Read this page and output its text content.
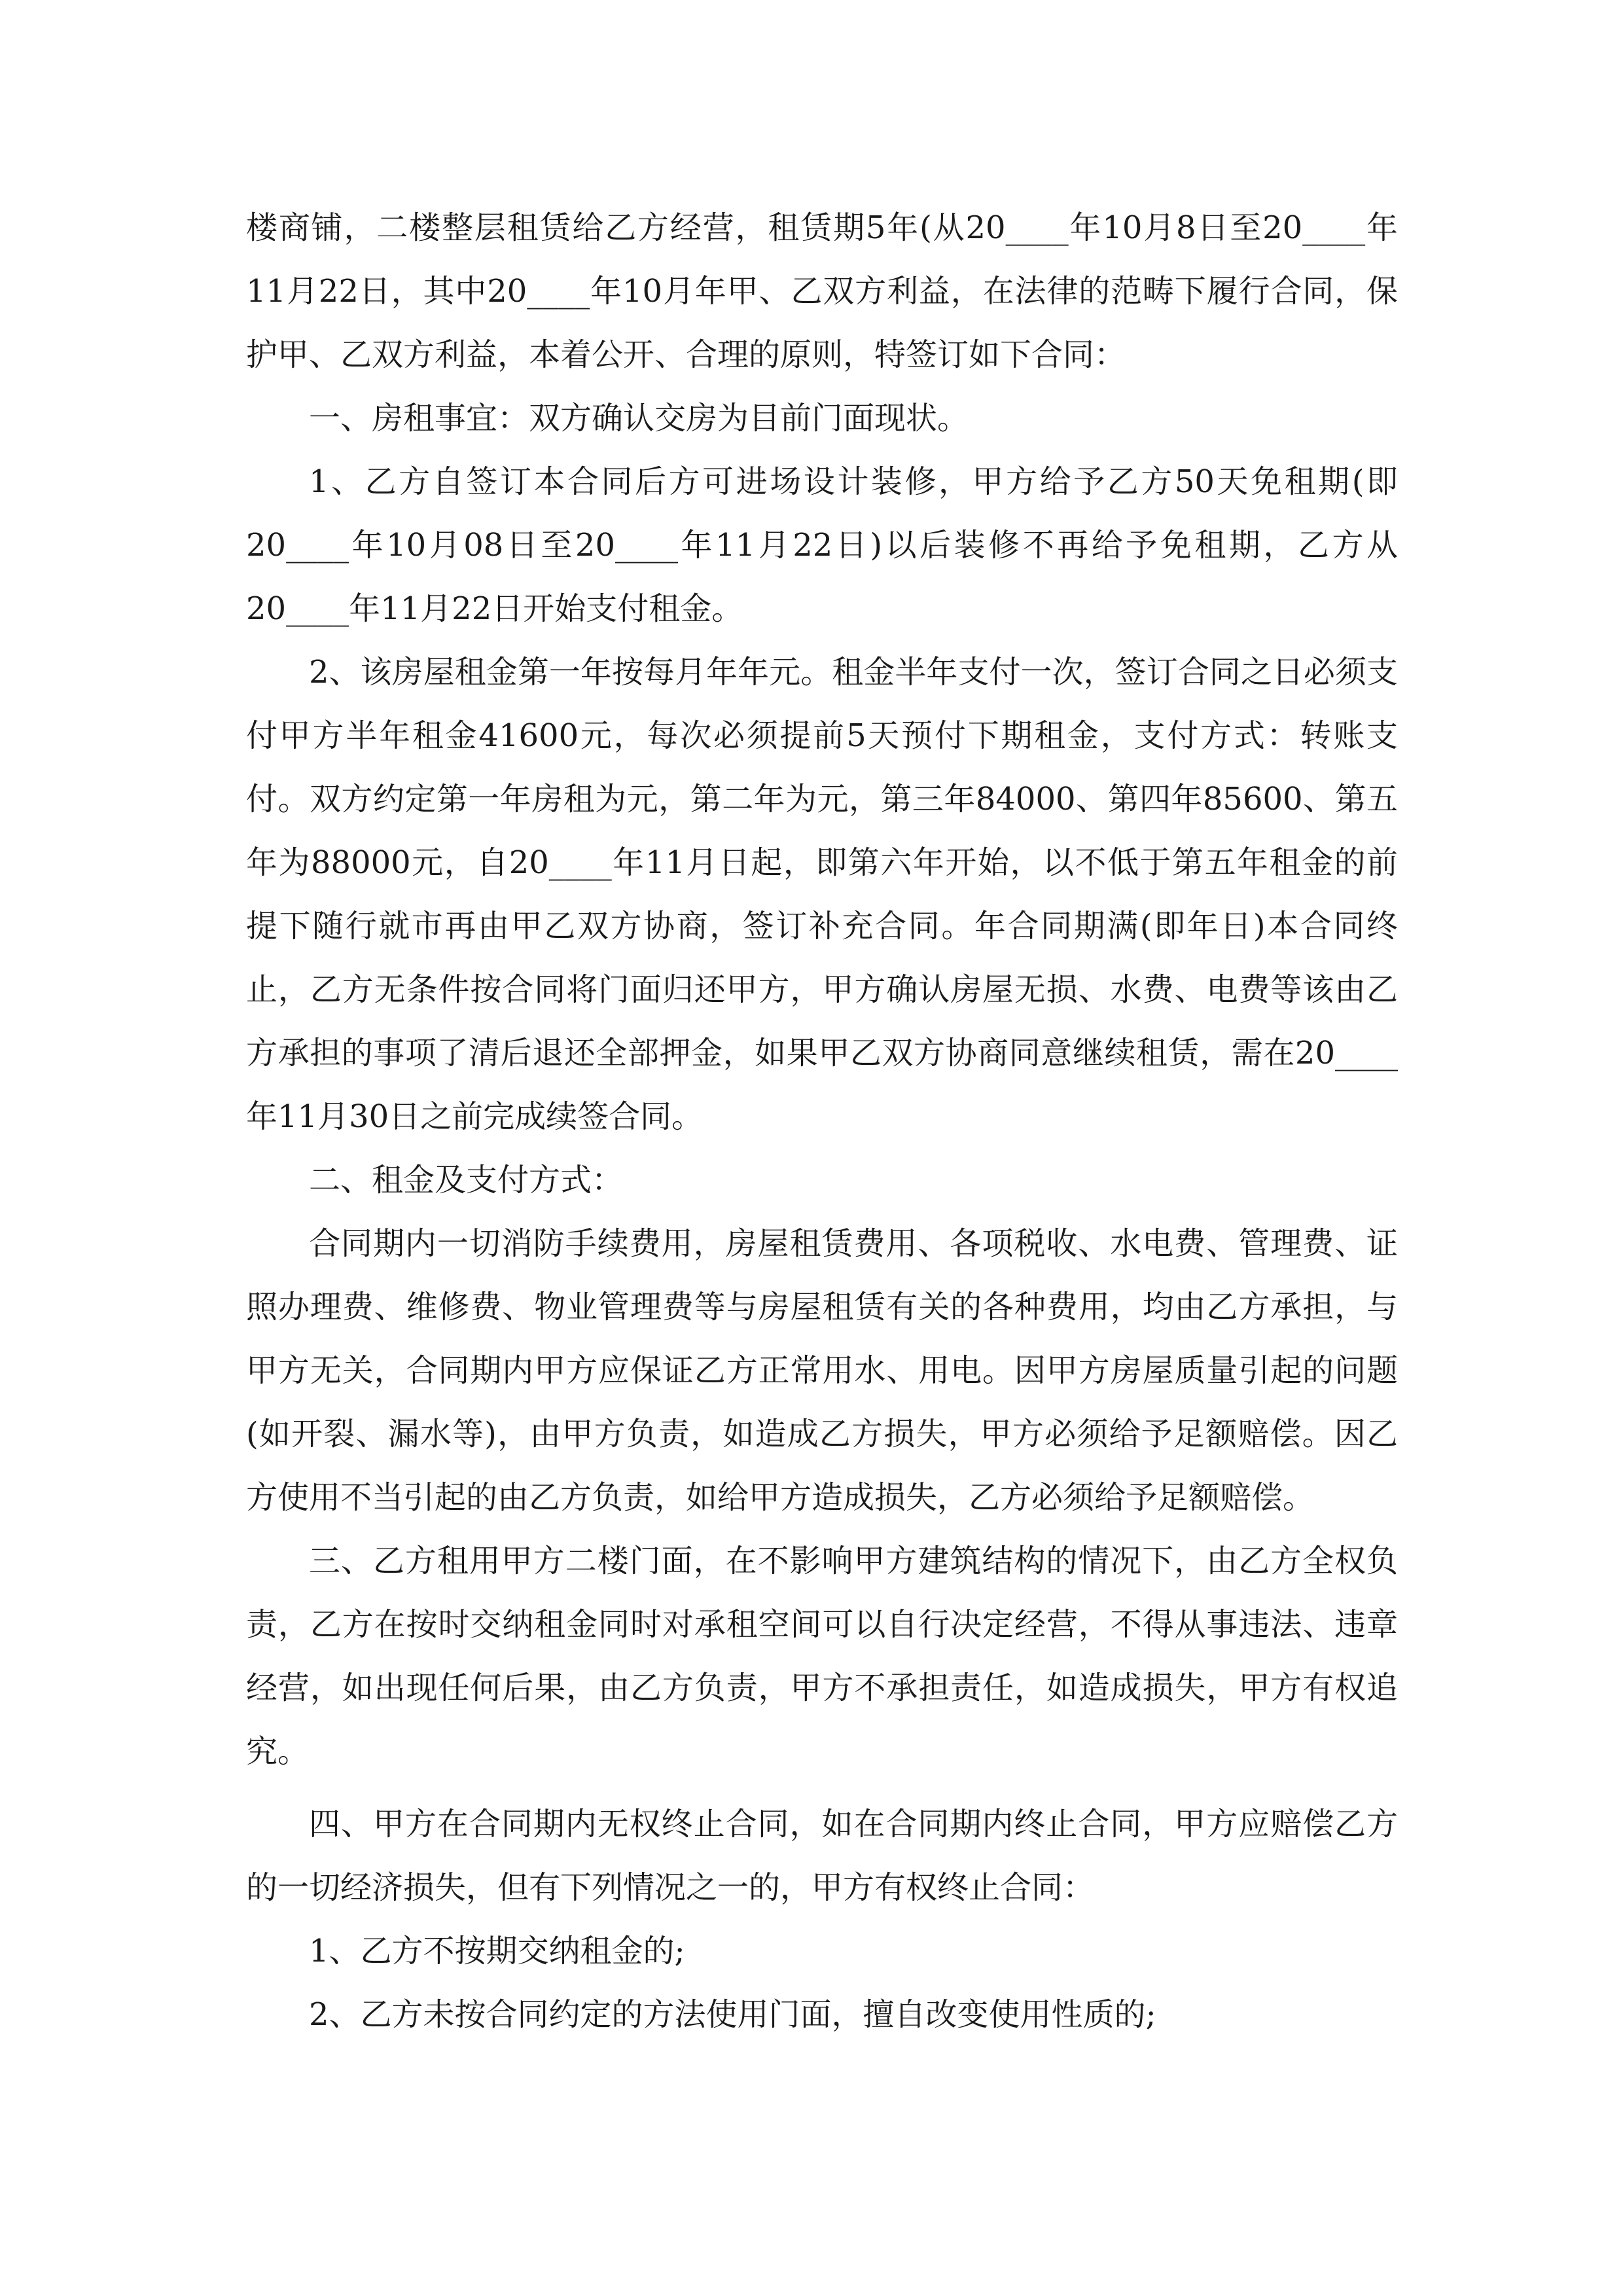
楼商铺，二楼整层租赁给乙方经营，租赁期5年(从20____年10月8日至20____年11月22日，其中20____年10月年甲、乙双方利益，在法律的范畴下履行合同，保护甲、乙双方利益，本着公开、合理的原则，特签订如下合同：

一、房租事宜：双方确认交房为目前门面现状。

1、乙方自签订本合同后方可进场设计装修，甲方给予乙方50天免租期(即20____年10月08日至20____年11月22日)以后装修不再给予免租期，乙方从20____年11月22日开始支付租金。

2、该房屋租金第一年按每月年年元。租金半年支付一次，签订合同之日必须支付甲方半年租金41600元，每次必须提前5天预付下期租金，支付方式：转账支付。双方约定第一年房租为元，第二年为元，第三年84000、第四年85600、第五年为88000元，自20____年11月日起，即第六年开始，以不低于第五年租金的前提下随行就市再由甲乙双方协商，签订补充合同。年合同期满(即年日)本合同终止，乙方无条件按合同将门面归还甲方，甲方确认房屋无损、水费、电费等该由乙方承担的事项了清后退还全部押金，如果甲乙双方协商同意继续租赁，需在20____年11月30日之前完成续签合同。

二、租金及支付方式：

合同期内一切消防手续费用，房屋租赁费用、各项税收、水电费、管理费、证照办理费、维修费、物业管理费等与房屋租赁有关的各种费用，均由乙方承担，与甲方无关，合同期内甲方应保证乙方正常用水、用电。因甲方房屋质量引起的问题(如开裂、漏水等)，由甲方负责，如造成乙方损失，甲方必须给予足额赔偿。因乙方使用不当引起的由乙方负责，如给甲方造成损失，乙方必须给予足额赔偿。

三、乙方租用甲方二楼门面，在不影响甲方建筑结构的情况下，由乙方全权负责，乙方在按时交纳租金同时对承租空间可以自行决定经营，不得从事违法、违章经营，如出现任何后果，由乙方负责，甲方不承担责任，如造成损失，甲方有权追究。

四、甲方在合同期内无权终止合同，如在合同期内终止合同，甲方应赔偿乙方的一切经济损失，但有下列情况之一的，甲方有权终止合同：

1、乙方不按期交纳租金的;

2、乙方未按合同约定的方法使用门面，擅自改变使用性质的;
